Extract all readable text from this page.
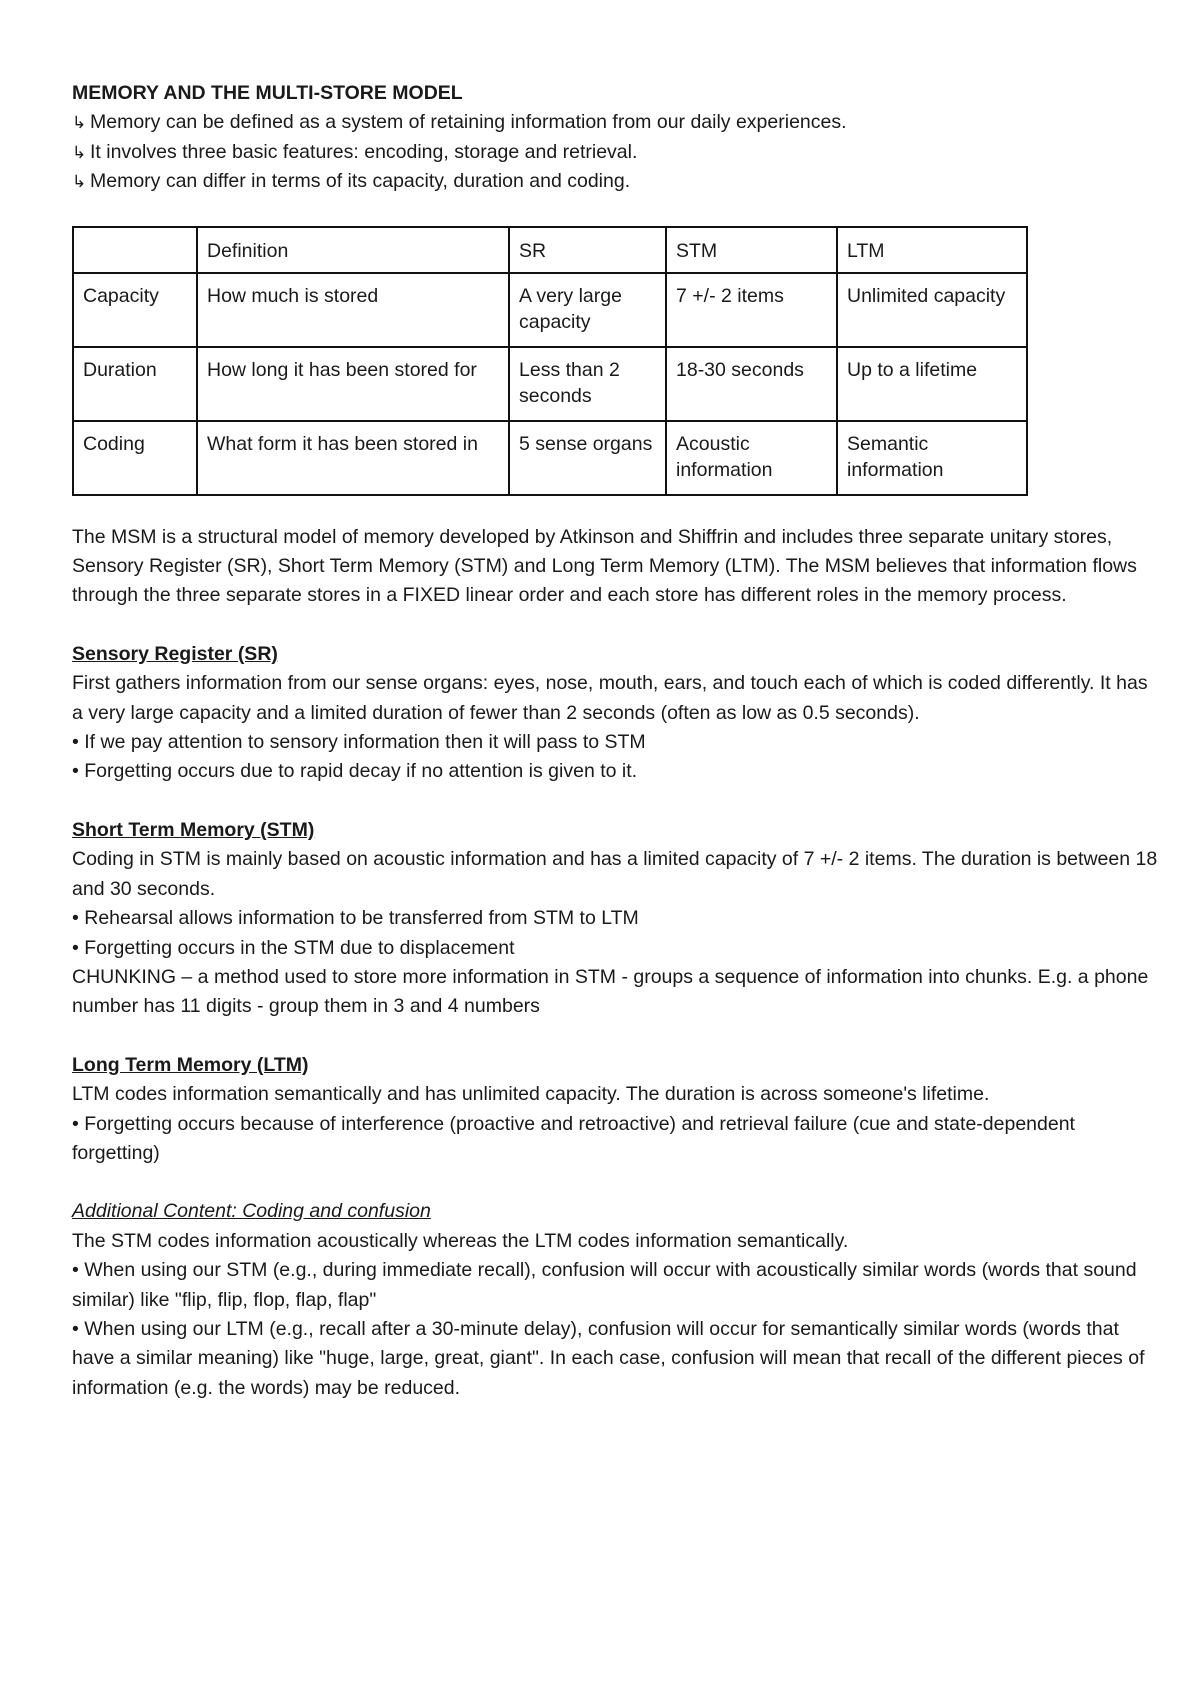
MEMORY AND THE MULTI-STORE MODEL

↳ Memory can be defined as a system of retaining information from our daily experiences.

↳ It involves three basic features: encoding, storage and retrieval.

↳ Memory can differ in terms of its capacity, duration and coding.

	Definition	SR	STM	LTM
Capacity	How much is stored	A very large capacity	7 +/- 2 items	Unlimited capacity
Duration	How long it has been stored for	Less than 2 seconds	18-30 seconds	Up to a lifetime
Coding	What form it has been stored in	5 sense organs	Acoustic information	Semantic information

The MSM is a structural model of memory developed by Atkinson and Shiffrin and includes three separate unitary stores, Sensory Register (SR), Short Term Memory (STM) and Long Term Memory (LTM). The MSM believes that information flows through the three separate stores in a FIXED linear order and each store has different roles in the memory process.

Sensory Register (SR)

First gathers information from our sense organs: eyes, nose, mouth, ears, and touch each of which is coded differently. It has a very large capacity and a limited duration of fewer than 2 seconds (often as low as 0.5 seconds).

• If we pay attention to sensory information then it will pass to STM

• Forgetting occurs due to rapid decay if no attention is given to it.

Short Term Memory (STM)

Coding in STM is mainly based on acoustic information and has a limited capacity of 7 +/- 2 items. The duration is between 18 and 30 seconds.

• Rehearsal allows information to be transferred from STM to LTM

• Forgetting occurs in the STM due to displacement

CHUNKING – a method used to store more information in STM - groups a sequence of information into chunks. E.g. a phone number has 11 digits - group them in 3 and 4 numbers

Long Term Memory (LTM)

LTM codes information semantically and has unlimited capacity. The duration is across someone's lifetime.

• Forgetting occurs because of interference (proactive and retroactive) and retrieval failure (cue and state-dependent forgetting)

Additional Content: Coding and confusion

The STM codes information acoustically whereas the LTM codes information semantically.

• When using our STM (e.g., during immediate recall), confusion will occur with acoustically similar words (words that sound similar) like "flip, flip, flop, flap, flap"

• When using our LTM (e.g., recall after a 30-minute delay), confusion will occur for semantically similar words (words that have a similar meaning) like "huge, large, great, giant". In each case, confusion will mean that recall of the different pieces of information (e.g. the words) may be reduced.
